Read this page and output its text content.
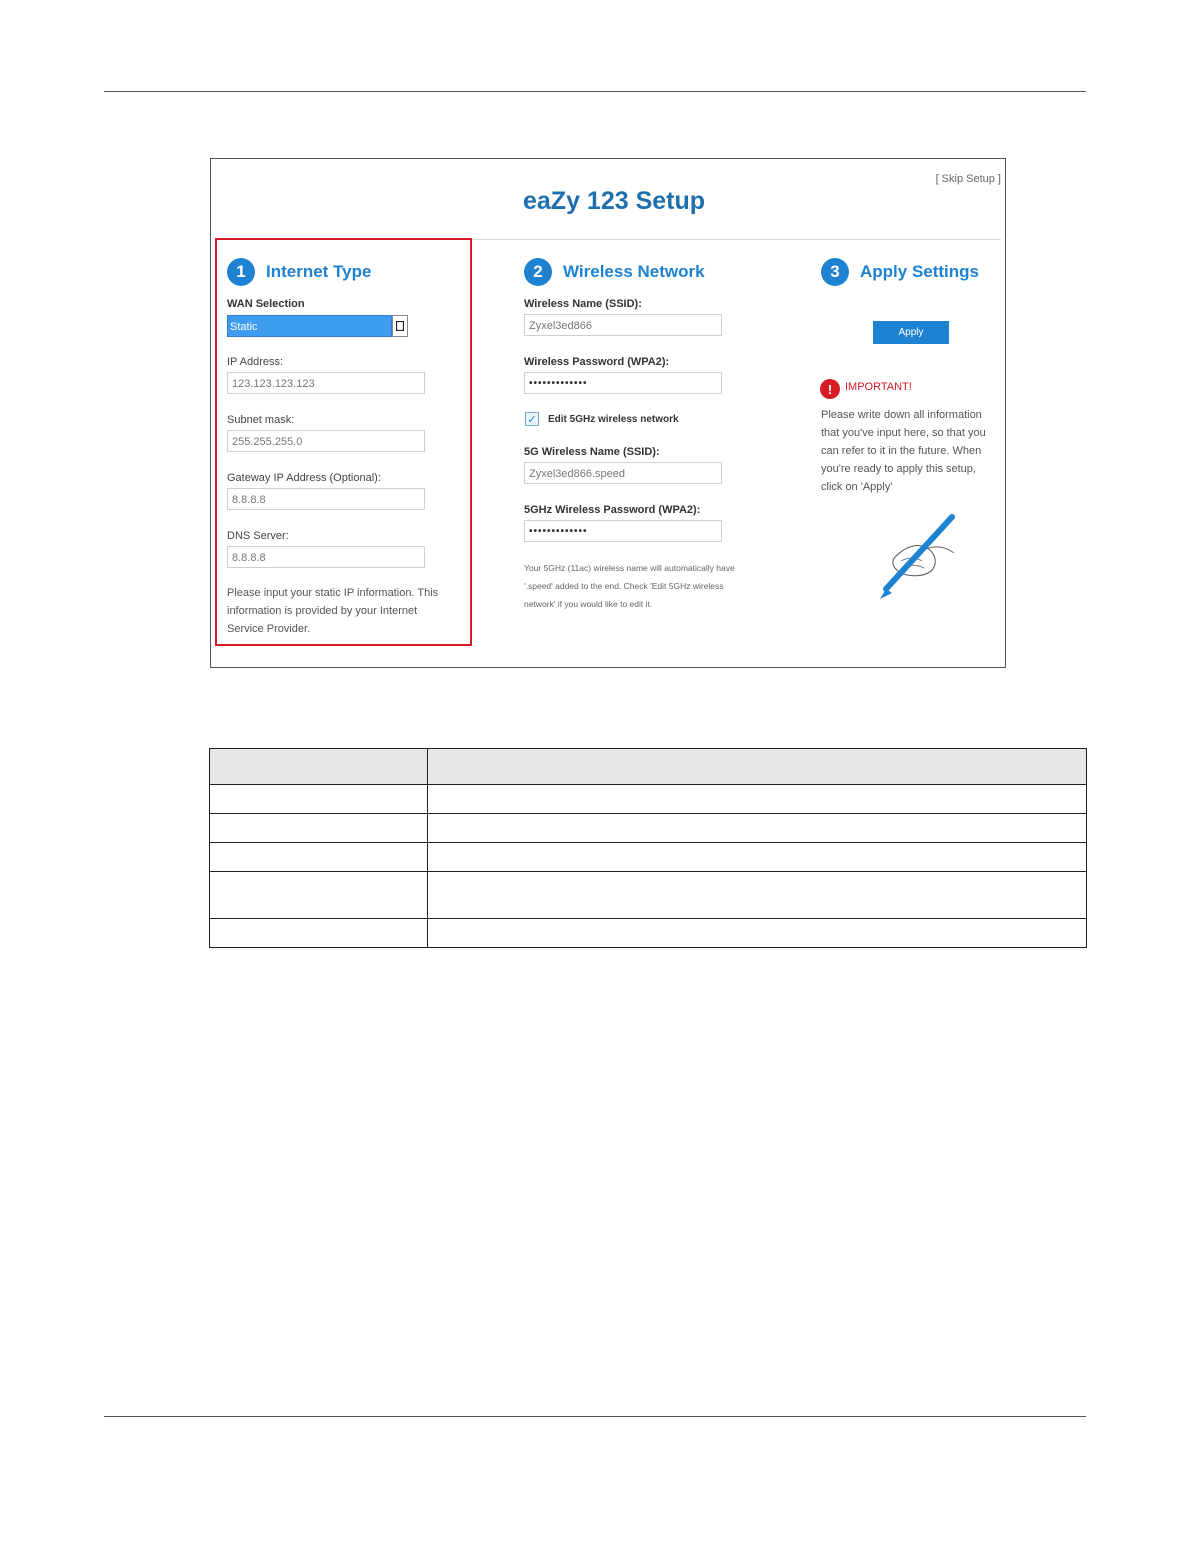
[ Skip Setup ]
eaZy 123 Setup
1	Internet Type
WAN Selection
Static
IP Address:
123.123.123.123
Subnet mask:
255.255.255.0
Gateway IP Address (Optional):
8.8.8.8
DNS Server:
8.8.8.8
Please input your static IP information. This
information is provided by your Internet
Service Provider.
2	Wireless Network
Wireless Name (SSID):
Zyxel3ed866
Wireless Password (WPA2):
•••••••••••••
✓ Edit 5GHz wireless network
5G Wireless Name (SSID):
Zyxel3ed866.speed
5GHz Wireless Password (WPA2):
•••••••••••••
Your 5GHz (11ac) wireless name will automatically have
'.speed' added to the end. Check 'Edit 5GHz wireless
network' if you would like to edit it.
3	Apply Settings
Apply
!	IMPORTANT!
Please write down all information
that you've input here, so that you
can refer to it in the future. When
you're ready to apply this setup,
click on 'Apply'
